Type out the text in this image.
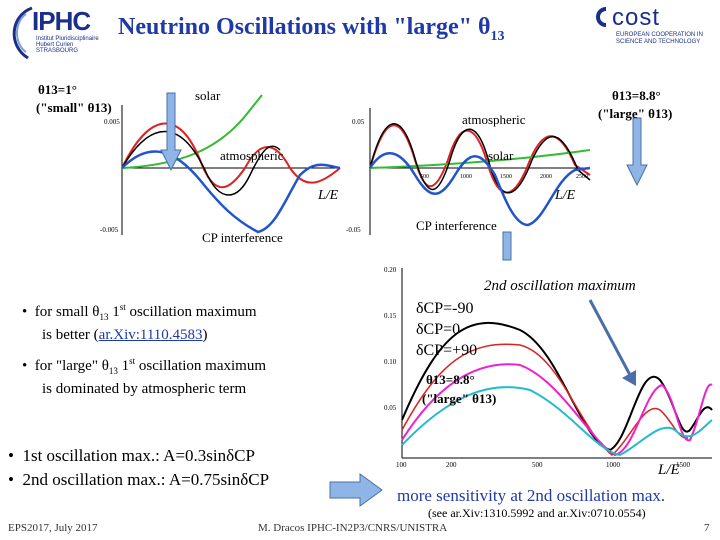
IPHC
Institut Pluridisciplinaire Hubert Curien STRASBOURG
Neutrino Oscillations with "large" $\theta_{13}$
cost
EUROPEAN COOPERATION IN SCIENCE AND TECHNOLOGY
θ13=1°
("small" θ13)
solar
atmospheric
CP interference
L/E
0.005
-0.005
θ13=8.8°
("large" θ13)
atmospheric
solar
CP interference
L/E
0.05
-0.05
500	1000	1500	2000	2500
•  for small $\theta_{13}$ 1st oscillation maximum
is better (ar.Xiv:1110.4583)
•  for "large" $\theta_{13}$ 1st oscillation maximum
is dominated by atmospheric term
•  1st oscillation max.: A=0.3sinδCP
•  2nd oscillation max.: A=0.75sinδCP
0.20
0.15
0.10
0.05
100	200	500	1000	1500
2nd oscillation maximum
δCP=-90
δCP=0
δCP=+90
θ13=8.8°
("large" θ13)
L/E
more sensitivity at 2nd oscillation max.
(see ar.Xiv:1310.5992 and ar.Xiv:0710.0554)
EPS2017, July 2017	M. Dracos IPHC-IN2P3/CNRS/UNISTRA	7
